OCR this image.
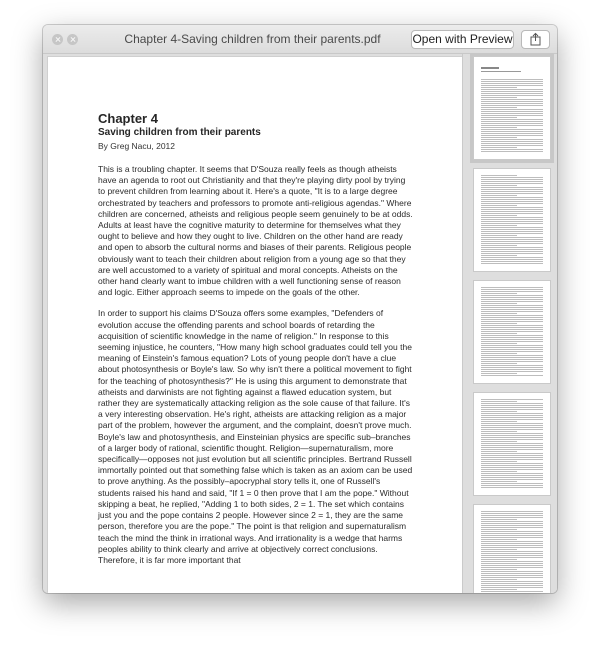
Chapter 4-Saving children from their parents.pdf	Open with Preview
Chapter 4

Saving children from their parents

By Greg Nacu, 2012

This is a troubling chapter. It seems that D'Souza really feels as though atheists have an agenda to root out Christianity and that they're playing dirty pool by trying to prevent children from learning about it. Here's a quote, "It is to a large degree orchestrated by teachers and professors to promote anti-religious agendas." Where children are concerned, atheists and religious people seem genuinely to be at odds. Adults at least have the cognitive maturity to determine for themselves what they ought to believe and how they ought to live. Children on the other hand are ready and open to absorb the cultural norms and biases of their parents. Religious people obviously want to teach their children about religion from a young age so that they are well accustomed to a variety of spiritual and moral concepts. Atheists on the other hand clearly want to imbue children with a well functioning sense of reason and logic. Either approach seems to impede on the goals of the other.

In order to support his claims D'Souza offers some examples, "Defenders of evolution accuse the offending parents and school boards of retarding the acquisition of scientific knowledge in the name of religion." In response to this seeming injustice, he counters, "How many high school graduates could tell you the meaning of Einstein's famous equation? Lots of young people don't have a clue about photosynthesis or Boyle's law. So why isn't there a political movement to fight for the teaching of photosynthesis?" He is using this argument to demonstrate that atheists and darwinists are not fighting against a flawed education system, but rather they are systematically attacking religion as the sole cause of that failure. It's a very interesting observation. He's right, atheists are attacking religion as a major part of the problem, however the argument, and the complaint, doesn't prove much. Boyle's law and photosynthesis, and Einsteinian physics are specific sub–branches of a larger body of rational, scientific thought. Religion—supernaturalism, more specifically—opposes not just evolution but all scientific principles. Bertrand Russell immortally pointed out that something false which is taken as an axiom can be used to prove anything. As the possibly–apocryphal story tells it, one of Russell's students raised his hand and said, "If 1 = 0 then prove that I am the pope." Without skipping a beat, he replied, "Adding 1 to both sides, 2 = 1. The set which contains just you and the pope contains 2 people. However since 2 = 1, they are the same person, therefore you are the pope." The point is that religion and supernaturalism teach the mind the think in irrational ways. And irrationality is a wedge that harms peoples ability to think clearly and arrive at objectively correct conclusions. Therefore, it is far more important that
